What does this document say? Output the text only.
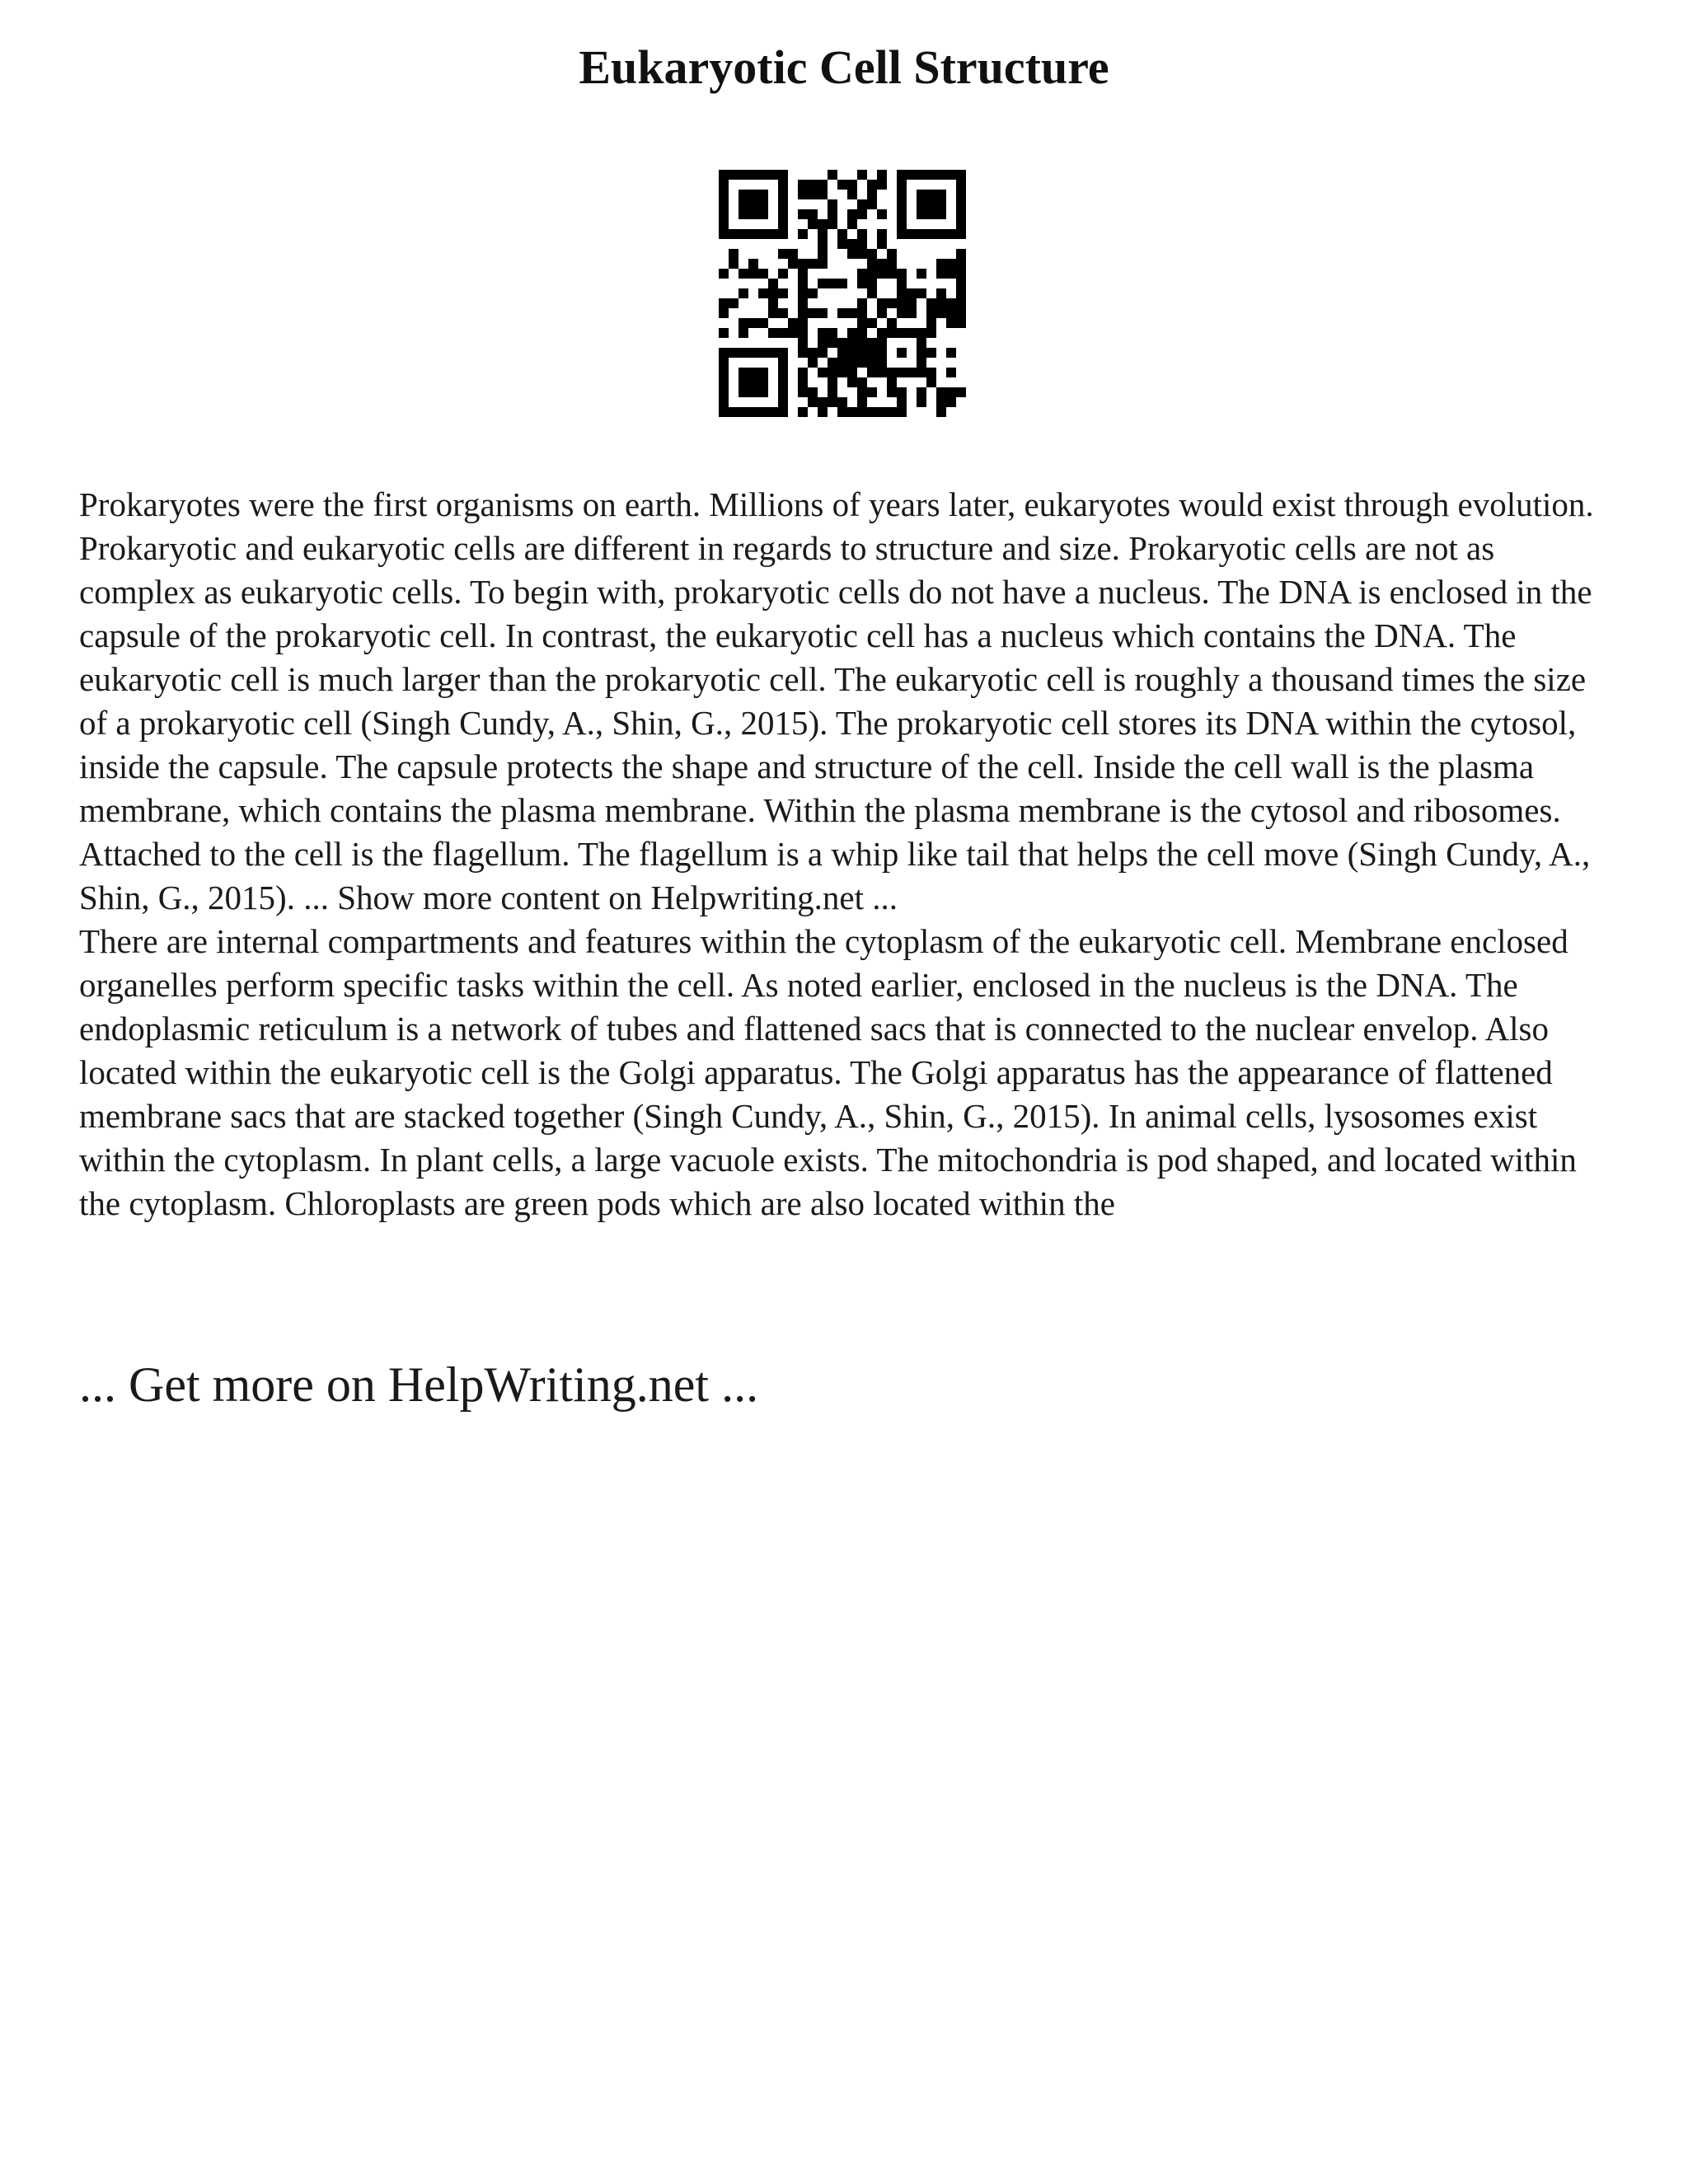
Eukaryotic Cell Structure

Prokaryotes were the first organisms on earth. Millions of years later, eukaryotes would exist through evolution. Prokaryotic and eukaryotic cells are different in regards to structure and size. Prokaryotic cells are not as complex as eukaryotic cells. To begin with, prokaryotic cells do not have a nucleus. The DNA is enclosed in the capsule of the prokaryotic cell. In contrast, the eukaryotic cell has a nucleus which contains the DNA. The eukaryotic cell is much larger than the prokaryotic cell. The eukaryotic cell is roughly a thousand times the size of a prokaryotic cell (Singh Cundy, A., Shin, G., 2015). The prokaryotic cell stores its DNA within the cytosol, inside the capsule. The capsule protects the shape and structure of the cell. Inside the cell wall is the plasma membrane, which contains the plasma membrane. Within the plasma membrane is the cytosol and ribosomes. Attached to the cell is the flagellum. The flagellum is a whip like tail that helps the cell move (Singh Cundy, A., Shin, G., 2015). ... Show more content on Helpwriting.net ...

There are internal compartments and features within the cytoplasm of the eukaryotic cell. Membrane enclosed organelles perform specific tasks within the cell. As noted earlier, enclosed in the nucleus is the DNA. The endoplasmic reticulum is a network of tubes and flattened sacs that is connected to the nuclear envelop. Also located within the eukaryotic cell is the Golgi apparatus. The Golgi apparatus has the appearance of flattened membrane sacs that are stacked together (Singh Cundy, A., Shin, G., 2015). In animal cells, lysosomes exist within the cytoplasm. In plant cells, a large vacuole exists. The mitochondria is pod shaped, and located within the cytoplasm. Chloroplasts are green pods which are also located within the

... Get more on HelpWriting.net ...
